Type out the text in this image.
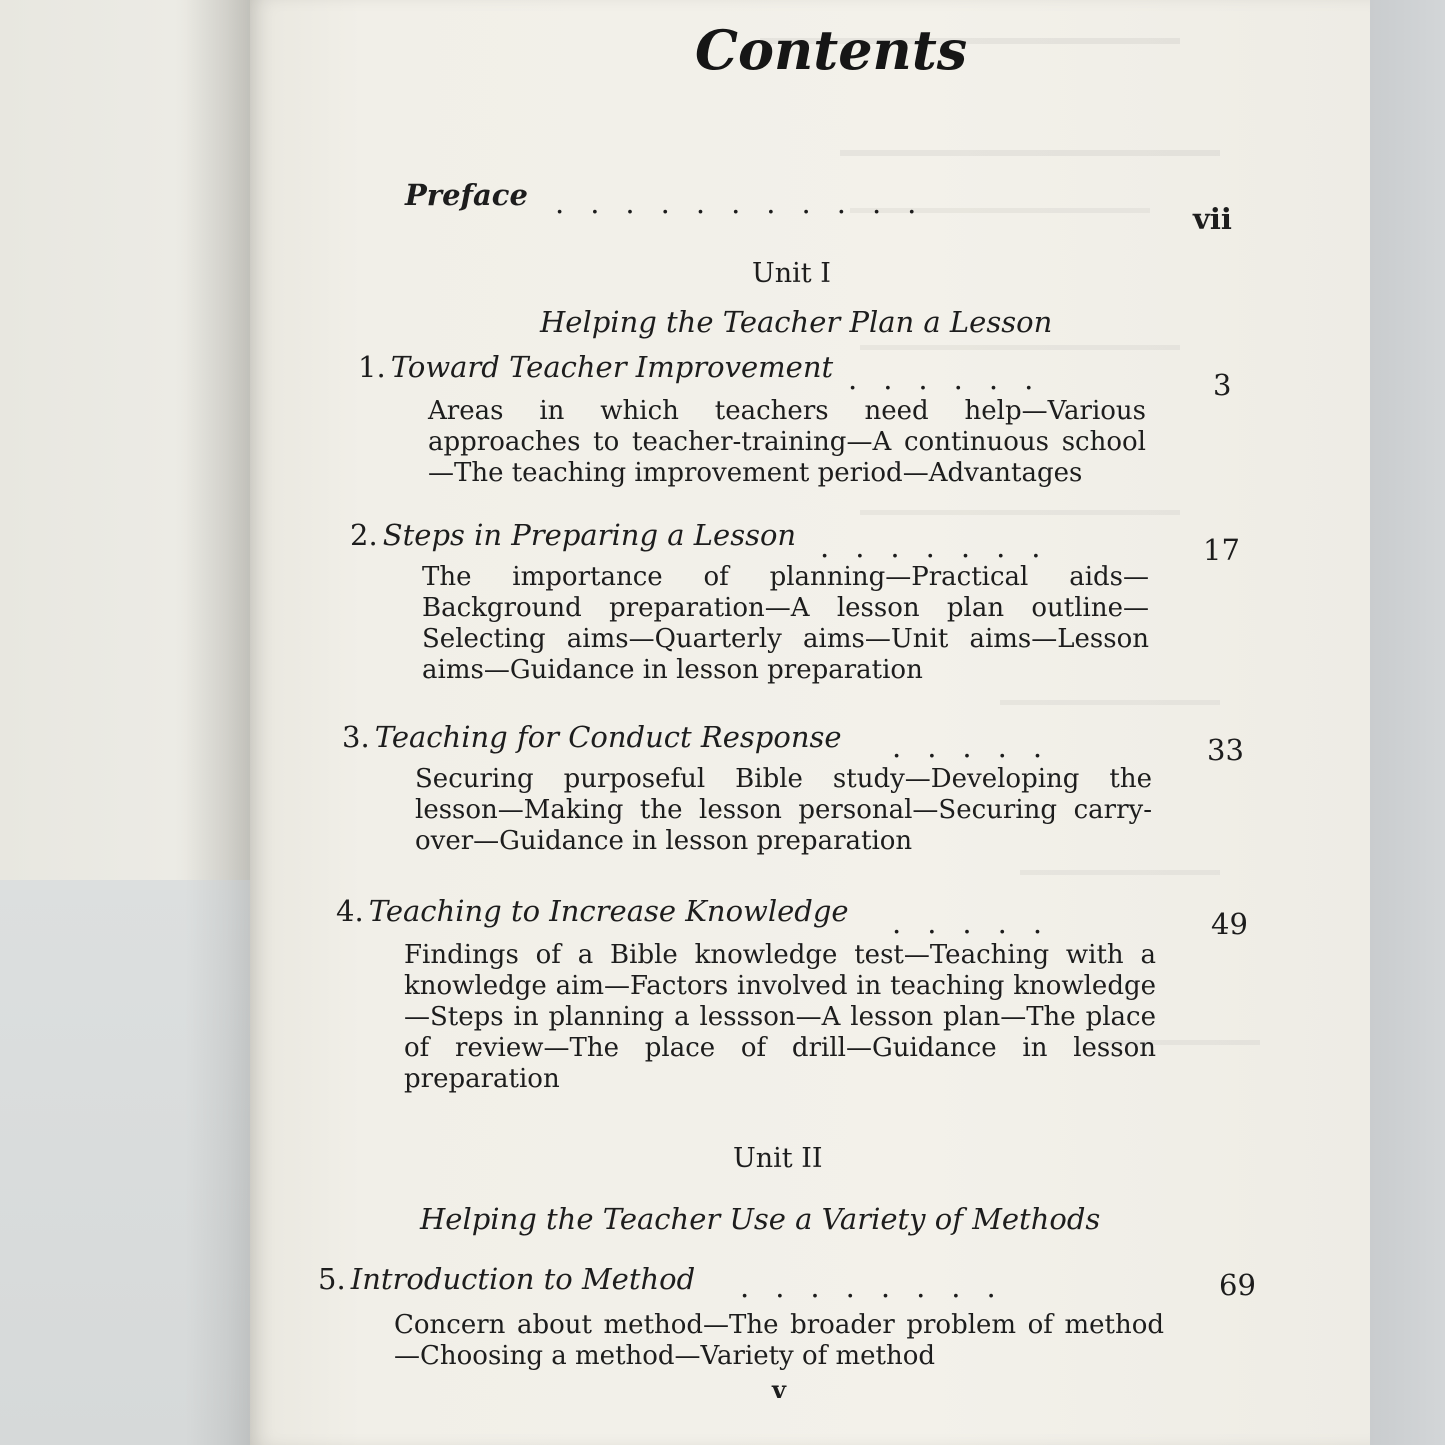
Contents
Preface ...........	vii
Unit I
Helping the Teacher Plan a Lesson
1. Toward Teacher Improvement ......	3
Areas in which teachers need help—Various approaches to teacher-training—A continuous school—The teaching improvement period—Advantages
2. Steps in Preparing a Lesson .......	17
The importance of planning—Practical aids—Background preparation—A lesson plan outline—Selecting aims—Quarterly aims—Unit aims—Lesson aims—Guidance in lesson preparation
3. Teaching for Conduct Response .....	33
Securing purposeful Bible study—Developing the lesson—Making the lesson personal—Securing carry-over—Guidance in lesson preparation
4. Teaching to Increase Knowledge .....	49
Findings of a Bible knowledge test—Teaching with a knowledge aim—Factors involved in teaching knowledge—Steps in planning a lessson—A lesson plan—The place of review—The place of drill—Guidance in lesson preparation
Unit II
Helping the Teacher Use a Variety of Methods
5. Introduction to Method ........	69
Concern about method—The broader problem of method—Choosing a method—Variety of method
v
